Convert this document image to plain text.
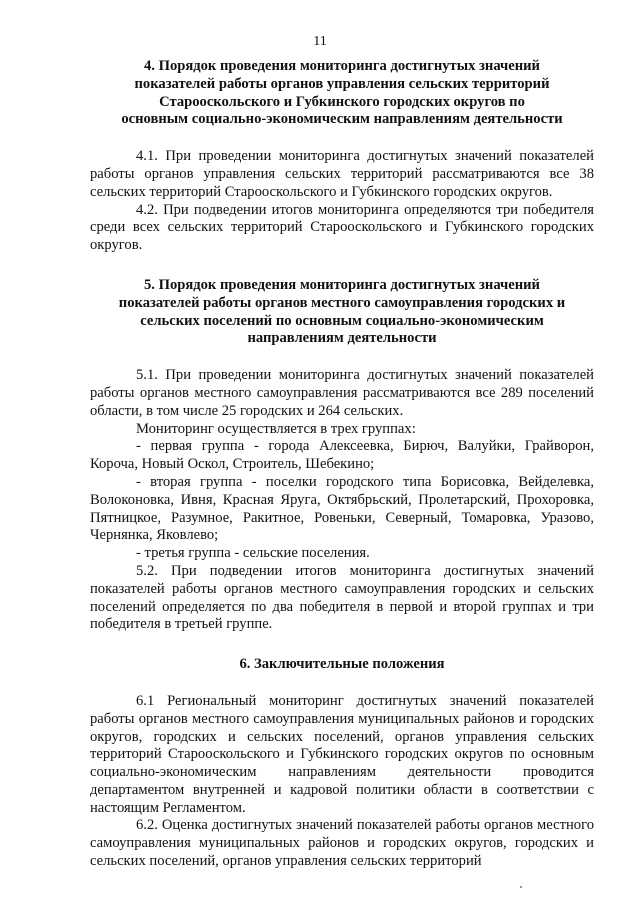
11
4. Порядок проведения мониторинга достигнутых значений
показателей работы органов управления сельских территорий
Старооскольского и Губкинского городских округов по
основным социально-экономическим направлениям деятельности

4.1. При проведении мониторинга достигнутых значений показателей работы органов управления сельских территорий рассматриваются все 38 сельских территорий Старооскольского и Губкинского городских округов.

4.2. При подведении итогов мониторинга определяются три победителя среди всех сельских территорий Старооскольского и Губкинского городских округов.

5. Порядок проведения мониторинга достигнутых значений
показателей работы органов местного самоуправления городских и
сельских поселений по основным социально-экономическим
направлениям деятельности

5.1. При проведении мониторинга достигнутых значений показателей работы органов местного самоуправления рассматриваются все 289 поселений области, в том числе 25 городских и 264 сельских.

Мониторинг осуществляется в трех группах:

- первая группа - города Алексеевка, Бирюч, Валуйки, Грайворон, Короча, Новый Оскол, Строитель, Шебекино;

- вторая группа - поселки городского типа Борисовка, Вейделевка, Волоконовка, Ивня, Красная Яруга, Октябрьский, Пролетарский, Прохоровка, Пятницкое, Разумное, Ракитное, Ровеньки, Северный, Томаровка, Уразово, Чернянка, Яковлево;

- третья группа - сельские поселения.

5.2. При подведении итогов мониторинга достигнутых значений показателей работы органов местного самоуправления городских и сельских поселений определяется по два победителя в первой и второй группах и три победителя в третьей группе.

6. Заключительные положения

6.1 Региональный мониторинг достигнутых значений показателей работы органов местного самоуправления муниципальных районов и городских округов, городских и сельских поселений, органов управления сельских территорий Старооскольского и Губкинского городских округов по основным социально-экономическим направлениям деятельности проводится департаментом внутренней и кадровой политики области в соответствии с настоящим Регламентом.

6.2. Оценка достигнутых значений показателей работы органов местного самоуправления муниципальных районов и городских округов, городских и сельских поселений, органов управления сельских территорий
